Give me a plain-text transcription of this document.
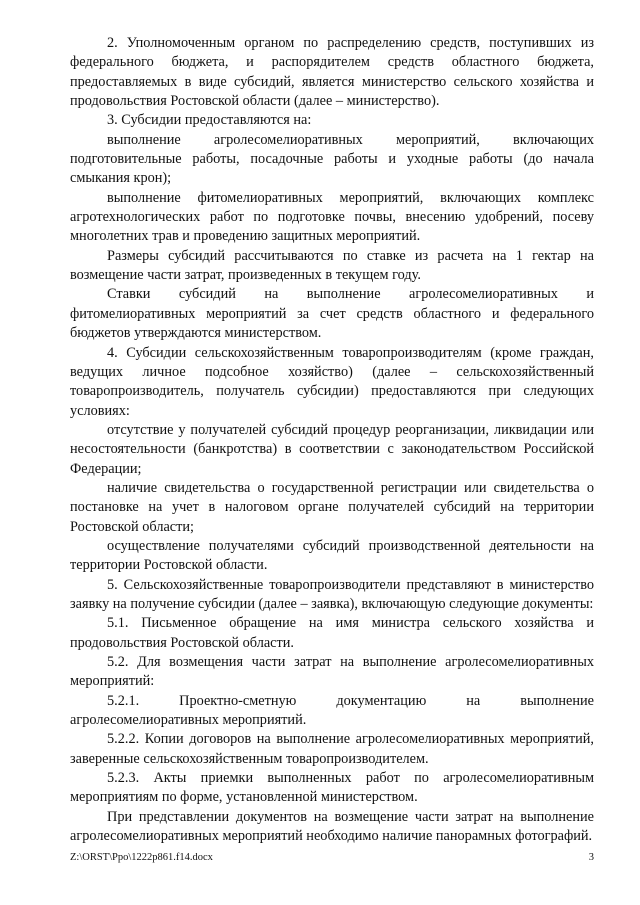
2. Уполномоченным органом по распределению средств, поступивших из федерального бюджета, и распорядителем средств областного бюджета, предоставляемых в виде субсидий, является министерство сельского хозяйства и продовольствия Ростовской области (далее – министерство).

3. Субсидии предоставляются на:

выполнение агролесомелиоративных мероприятий, включающих подготовительные работы, посадочные работы и уходные работы (до начала смыкания крон);

выполнение фитомелиоративных мероприятий, включающих комплекс агротехнологических работ по подготовке почвы, внесению удобрений, посеву многолетних трав и проведению защитных мероприятий.

Размеры субсидий рассчитываются по ставке из расчета на 1 гектар на возмещение части затрат, произведенных в текущем году.

Ставки субсидий на выполнение агролесомелиоративных и фитомелиоративных мероприятий за счет средств областного и федерального бюджетов утверждаются министерством.

4. Субсидии сельскохозяйственным товаропроизводителям (кроме граждан, ведущих личное подсобное хозяйство) (далее – сельскохозяйственный товаропроизводитель, получатель субсидии) предоставляются при следующих условиях:

отсутствие у получателей субсидий процедур реорганизации, ликвидации или несостоятельности (банкротства) в соответствии с законодательством Российской Федерации;

наличие свидетельства о государственной регистрации или свидетельства о постановке на учет в налоговом органе получателей субсидий на территории Ростовской области;

осуществление получателями субсидий производственной деятельности на территории Ростовской области.

5. Сельскохозяйственные товаропроизводители представляют в министерство заявку на получение субсидии (далее – заявка), включающую следующие документы:

5.1. Письменное обращение на имя министра сельского хозяйства и продовольствия Ростовской области.

5.2. Для возмещения части затрат на выполнение агролесомелиоративных мероприятий:

5.2.1. Проектно-сметную документацию на выполнение агролесомелиоративных мероприятий.

5.2.2. Копии договоров на выполнение агролесомелиоративных мероприятий, заверенные сельскохозяйственным товаропроизводителем.

5.2.3. Акты приемки выполненных работ по агролесомелиоративным мероприятиям по форме, установленной министерством.

При представлении документов на возмещение части затрат на выполнение агролесомелиоративных мероприятий необходимо наличие панорамных фотографий.

Z:\ORST\Ppo\1222p861.f14.docx	3
